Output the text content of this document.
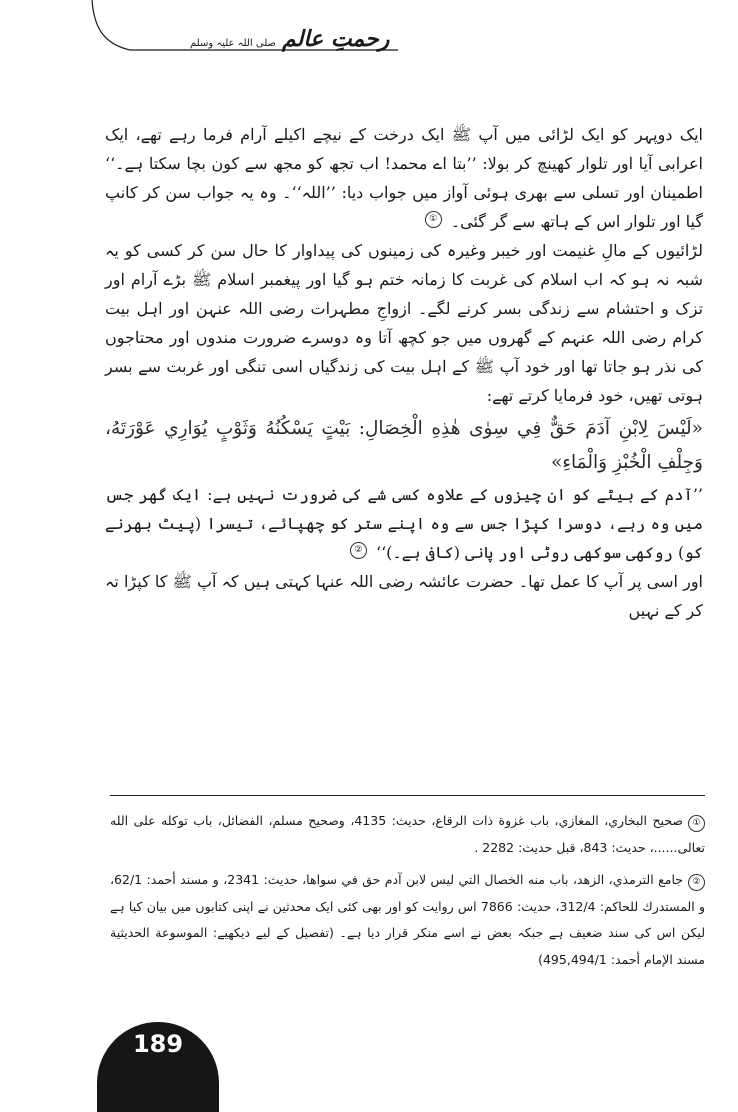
صلی اللہ علیہ وسلم رحمتِ عالم

ایک دوپہر کو ایک لڑائی میں آپ ﷺ ایک درخت کے نیچے اکیلے آرام فرما رہے تھے، ایک اعرابی آیا اور تلوار کھینچ کر بولا: ’’بتا اے محمد! اب تجھ کو مجھ سے کون بچا سکتا ہے۔‘‘ اطمینان اور تسلی سے بھری ہوئی آواز میں جواب دیا: ’’اللہ‘‘۔ وہ یہ جواب سن کر کانپ گیا اور تلوار اس کے ہاتھ سے گر گئی۔ ①

لڑائیوں کے مالِ غنیمت اور خیبر وغیرہ کی زمینوں کی پیداوار کا حال سن کر کسی کو یہ شبہ نہ ہو کہ اب اسلام کی غربت کا زمانہ ختم ہو گیا اور پیغمبر اسلام ﷺ بڑے آرام اور تزک و احتشام سے زندگی بسر کرنے لگے۔ ازواجِ مطہرات رضی اللہ عنہن اور اہل بیت کرام رضی اللہ عنہم کے گھروں میں جو کچھ آتا وہ دوسرے ضرورت مندوں اور محتاجوں کی نذر ہو جاتا تھا اور خود آپ ﷺ کے اہل بیت کی زندگیاں اسی تنگی اور غربت سے بسر ہوتی تھیں، خود فرمایا کرتے تھے:

«لَيْسَ لِابْنِ آدَمَ حَقٌّ فِي سِوٰى هٰذِهِ الْخِصَالِ: بَيْتٍ يَسْكُنُهُ وَثَوْبٍ يُوَارِي عَوْرَتَهُ، وَجِلْفِ الْخُبْزِ وَالْمَاءِ»

’’آدم کے بیٹے کو ان چیزوں کے علاوہ کسی شے کی ضرورت نہیں ہے: ایک گھر جس میں وہ رہے، دوسرا کپڑا جس سے وہ اپنے ستر کو چھپائے، تیسرا (پیٹ بھرنے کو) روکھی سوکھی روٹی اور پانی (کافی ہے۔)‘‘ ②

اور اسی پر آپ کا عمل تھا۔ حضرت عائشہ رضی اللہ عنہا کہتی ہیں کہ آپ ﷺ کا کپڑا تہ کر کے نہیں

①صحیح البخاري، المغازي، باب غزوة ذات الرقاع، حدیث: 4135، وصحیح مسلم، الفضائل، باب توكله على الله تعالى......، حدیث: 843، قبل حدیث: 2282 .

②جامع الترمذي، الزهد، باب منه الخصال التي ليس لابن آدم حق في سواها، حدیث: 2341، و مسند أحمد: 62/1، و المستدرك للحاكم: 312/4، حدیث: 7866 اس روایت کو اور بھی کئی ایک محدثین نے اپنی کتابوں میں بیان کیا ہے لیکن اس کی سند ضعیف ہے جبکہ بعض نے اسے منکر قرار دیا ہے۔ (تفصیل کے لیے دیکھیے: الموسوعة الحديثية مسند الإمام أحمد: 495,494/1)

189
